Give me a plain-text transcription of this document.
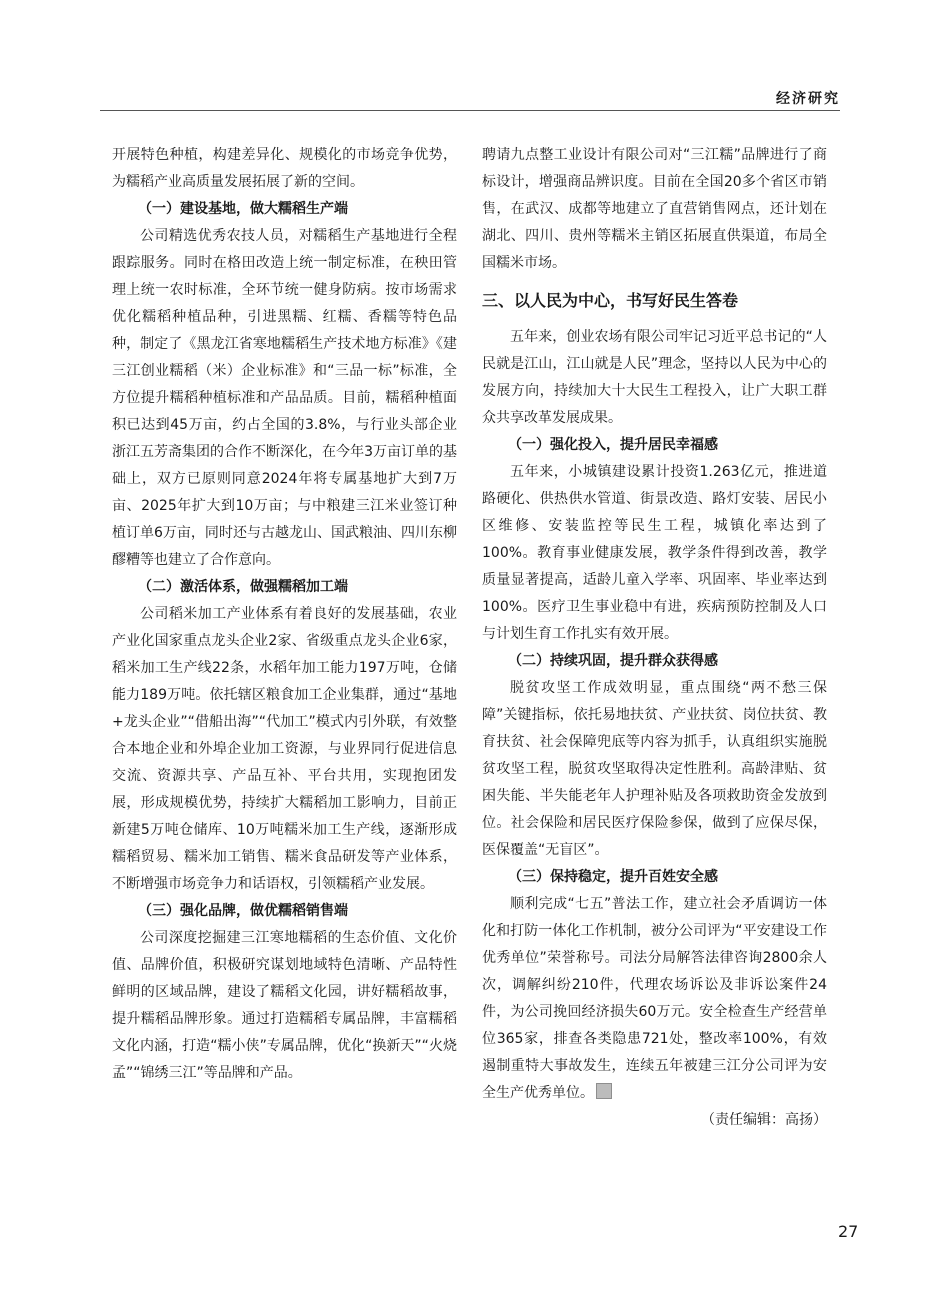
经济研究

开展特色种植，构建差异化、规模化的市场竞争优势，为糯稻产业高质量发展拓展了新的空间。

（一）建设基地，做大糯稻生产端

公司精选优秀农技人员，对糯稻生产基地进行全程跟踪服务。同时在格田改造上统一制定标准，在秧田管理上统一农时标准，全环节统一健身防病。按市场需求优化糯稻种植品种，引进黑糯、红糯、香糯等特色品种，制定了《黑龙江省寒地糯稻生产技术地方标准》《建三江创业糯稻（米）企业标准》和“三品一标”标准，全方位提升糯稻种植标准和产品品质。目前，糯稻种植面积已达到45万亩，约占全国的3.8%，与行业头部企业浙江五芳斋集团的合作不断深化，在今年3万亩订单的基础上，双方已原则同意2024年将专属基地扩大到7万亩、2025年扩大到10万亩；与中粮建三江米业签订种植订单6万亩，同时还与古越龙山、国武粮油、四川东柳醪糟等也建立了合作意向。

（二）激活体系，做强糯稻加工端

公司稻米加工产业体系有着良好的发展基础，农业产业化国家重点龙头企业2家、省级重点龙头企业6家，稻米加工生产线22条，水稻年加工能力197万吨，仓储能力189万吨。依托辖区粮食加工企业集群，通过“基地+龙头企业”“借船出海”“代加工”模式内引外联，有效整合本地企业和外埠企业加工资源，与业界同行促进信息交流、资源共享、产品互补、平台共用，实现抱团发展，形成规模优势，持续扩大糯稻加工影响力，目前正新建5万吨仓储库、10万吨糯米加工生产线，逐渐形成糯稻贸易、糯米加工销售、糯米食品研发等产业体系，不断增强市场竞争力和话语权，引领糯稻产业发展。

（三）强化品牌，做优糯稻销售端

公司深度挖掘建三江寒地糯稻的生态价值、文化价值、品牌价值，积极研究谋划地域特色清晰、产品特性鲜明的区域品牌，建设了糯稻文化园，讲好糯稻故事，提升糯稻品牌形象。通过打造糯稻专属品牌，丰富糯稻文化内涵，打造“糯小侠”专属品牌，优化“换新天”“火烧孟”“锦绣三江”等品牌和产品。

聘请九点整工业设计有限公司对“三江糯”品牌进行了商标设计，增强商品辨识度。目前在全国20多个省区市销售，在武汉、成都等地建立了直营销售网点，还计划在湖北、四川、贵州等糯米主销区拓展直供渠道，布局全国糯米市场。

三、以人民为中心，书写好民生答卷

五年来，创业农场有限公司牢记习近平总书记的“人民就是江山，江山就是人民”理念，坚持以人民为中心的发展方向，持续加大十大民生工程投入，让广大职工群众共享改革发展成果。

（一）强化投入，提升居民幸福感

五年来，小城镇建设累计投资1.263亿元，推进道路硬化、供热供水管道、街景改造、路灯安装、居民小区维修、安装监控等民生工程，城镇化率达到了100%。教育事业健康发展，教学条件得到改善，教学质量显著提高，适龄儿童入学率、巩固率、毕业率达到100%。医疗卫生事业稳中有进，疾病预防控制及人口与计划生育工作扎实有效开展。

（二）持续巩固，提升群众获得感

脱贫攻坚工作成效明显，重点围绕“两不愁三保障”关键指标，依托易地扶贫、产业扶贫、岗位扶贫、教育扶贫、社会保障兜底等内容为抓手，认真组织实施脱贫攻坚工程，脱贫攻坚取得决定性胜利。高龄津贴、贫困失能、半失能老年人护理补贴及各项救助资金发放到位。社会保险和居民医疗保险参保，做到了应保尽保，医保覆盖“无盲区”。

（三）保持稳定，提升百姓安全感

顺利完成“七五”普法工作，建立社会矛盾调访一体化和打防一体化工作机制，被分公司评为“平安建设工作优秀单位”荣誉称号。司法分局解答法律咨询2800余人次，调解纠纷210件，代理农场诉讼及非诉讼案件24件，为公司挽回经济损失60万元。安全检查生产经营单位365家，排查各类隐患721处，整改率100%，有效遏制重特大事故发生，连续五年被建三江分公司评为安全生产优秀单位。

（责任编辑：高扬）

27
